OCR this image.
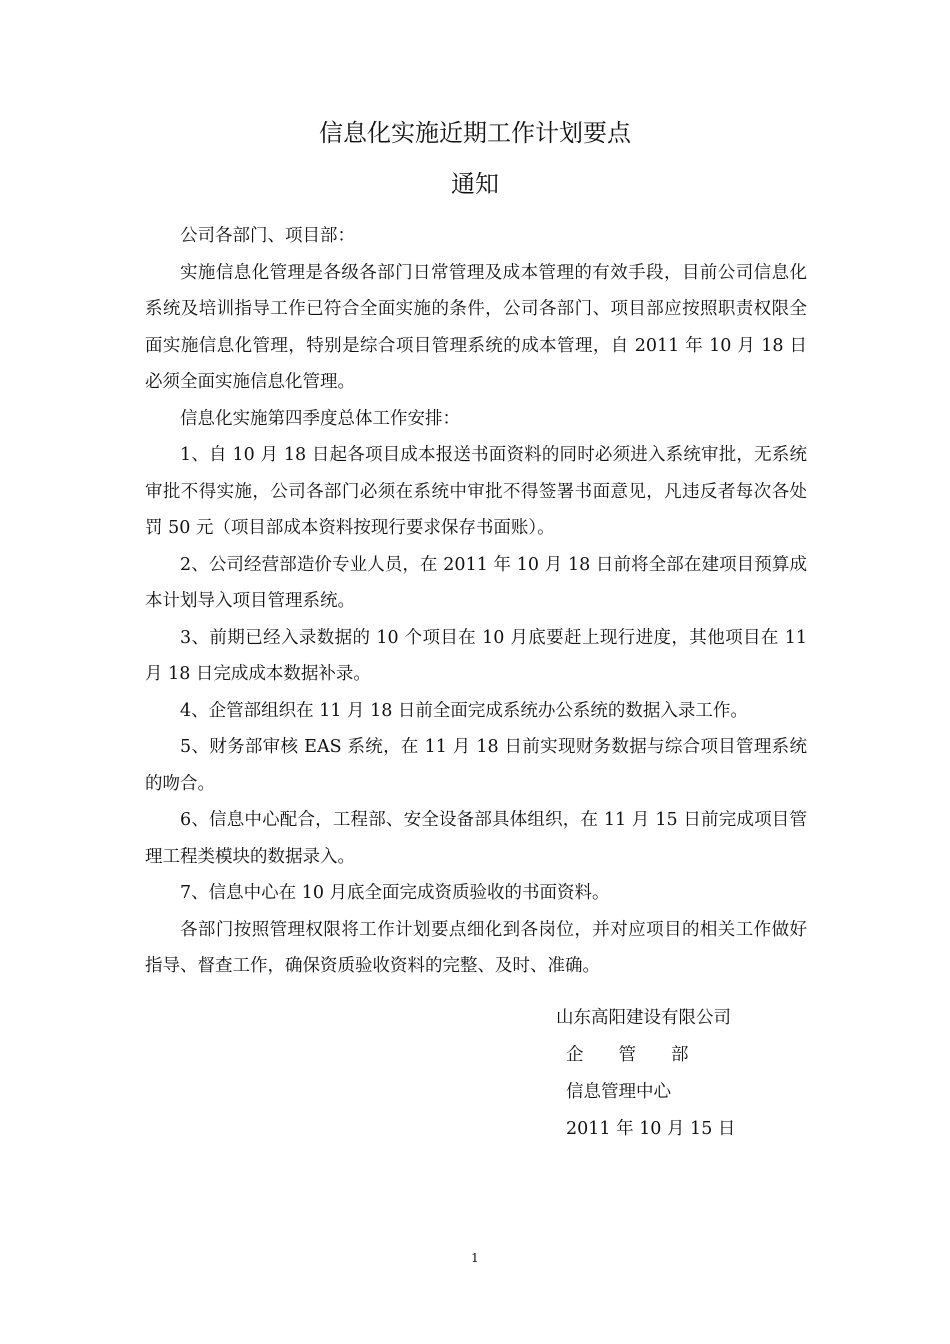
信息化实施近期工作计划要点
通知

公司各部门、项目部：

实施信息化管理是各级各部门日常管理及成本管理的有效手段，目前公司信息化系统及培训指导工作已符合全面实施的条件，公司各部门、项目部应按照职责权限全面实施信息化管理，特别是综合项目管理系统的成本管理，自 2011 年 10 月 18 日必须全面实施信息化管理。

信息化实施第四季度总体工作安排：

1、自 10 月 18 日起各项目成本报送书面资料的同时必须进入系统审批，无系统审批不得实施，公司各部门必须在系统中审批不得签署书面意见，凡违反者每次各处罚 50 元（项目部成本资料按现行要求保存书面账）。

2、公司经营部造价专业人员，在 2011 年 10 月 18 日前将全部在建项目预算成本计划导入项目管理系统。

3、前期已经入录数据的 10 个项目在 10 月底要赶上现行进度，其他项目在 11 月 18 日完成成本数据补录。

4、企管部组织在 11 月 18 日前全面完成系统办公系统的数据入录工作。

5、财务部审核 EAS 系统，在 11 月 18 日前实现财务数据与综合项目管理系统的吻合。

6、信息中心配合，工程部、安全设备部具体组织，在 11 月 15 日前完成项目管理工程类模块的数据录入。

7、信息中心在 10 月底全面完成资质验收的书面资料。

各部门按照管理权限将工作计划要点细化到各岗位，并对应项目的相关工作做好指导、督查工作，确保资质验收资料的完整、及时、准确。

山东高阳建设有限公司

企　　管　　部

信息管理中心

2011 年 10 月 15 日

1
